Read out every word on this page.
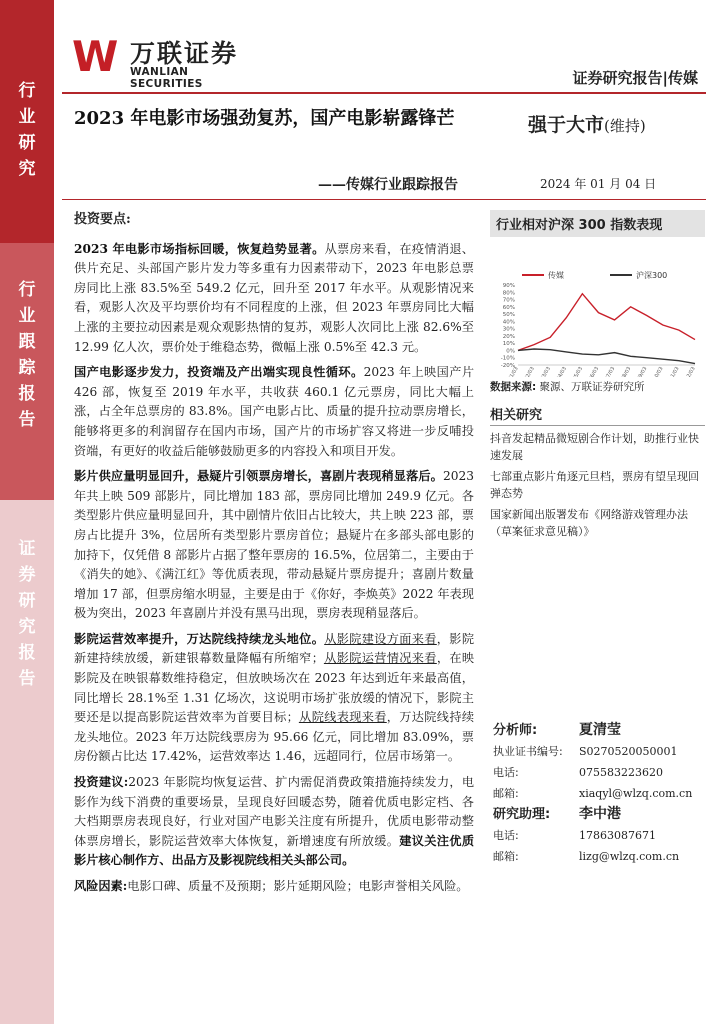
行业研究
行业跟踪报告
证券研究报告
W 万联证券
WANLIAN SECURITIES	证券研究报告|传媒
2023 年电影市场强劲复苏，国产电影崭露锋芒
——传媒行业跟踪报告
强于大市(维持)
2024 年 01 月 04 日
投资要点:

2023 年电影市场指标回暖，恢复趋势显著。从票房来看，在疫情消退、供片充足、头部国产影片发力等多重有力因素带动下，2023 年电影总票房同比上涨 83.5%至 549.2 亿元，回升至 2017 年水平。从观影情况来看，观影人次及平均票价均有不同程度的上涨，但 2023 年票房同比大幅上涨的主要拉动因素是观众观影热情的复苏，观影人次同比上涨 82.6%至 12.99 亿人次，票价处于维稳态势，微幅上涨 0.5%至 42.3 元。

国产电影逐步发力，投资端及产出端实现良性循环。2023 年上映国产片 426 部，恢复至 2019 年水平，共收获 460.1 亿元票房，同比大幅上涨，占全年总票房的 83.8%。国产电影占比、质量的提升拉动票房增长，能够将更多的利润留存在国内市场，国产片的市场扩容又将进一步反哺投资端，有更好的收益后能够鼓励更多的内容投入和项目开发。

影片供应量明显回升，悬疑片引领票房增长，喜剧片表现稍显落后。2023 年共上映 509 部影片，同比增加 183 部，票房同比增加 249.9 亿元。各类型影片供应量明显回升，其中剧情片依旧占比较大，共上映 223 部，票房占比提升 3%，位居所有类型影片票房首位；悬疑片在多部头部电影的加持下，仅凭借 8 部影片占据了整年票房的 16.5%，位居第二，主要由于《消失的她》、《满江红》等优质表现，带动悬疑片票房提升；喜剧片数量增加 17 部，但票房缩水明显，主要是由于《你好，李焕英》2022 年表现极为突出，2023 年喜剧片并没有黑马出现，票房表现稍显落后。

影院运营效率提升，万达院线持续龙头地位。从影院建设方面来看，影院新建持续放缓，新建银幕数量降幅有所缩窄；从影院运营情况来看，在映影院及在映银幕数维持稳定，但放映场次在 2023 年达到近年来最高值，同比增长 28.1%至 1.31 亿场次，这说明市场扩张放缓的情况下，影院主要还是以提高影院运营效率为首要目标；从院线表现来看，万达院线持续龙头地位。2023 年万达院线票房为 95.66 亿元，同比增加 83.09%，票房份额占比达 17.42%，运营效率达 1.46，远超同行，位居市场第一。

投资建议:2023 年影院均恢复运营、扩内需促消费政策措施持续发力，电影作为线下消费的重要场景，呈现良好回暖态势，随着优质电影定档、各大档期票房表现良好，行业对国产电影关注度有所提升，优质电影带动整体票房增长，影院运营效率大体恢复，新增速度有所放缓。建议关注优质影片核心制作方、出品方及影视院线相关头部公司。

风险因素:电影口碑、质量不及预期；影片延期风险；电影声誉相关风险。

行业相对沪深 300 指数表现
传媒	沪深300
-20%
-10%
0%
10%
20%
30%
40%
50%
60%
70%
80%
90%
数据来源: 聚源、万联证券研究所
相关研究
抖音发起精品微短剧合作计划，助推行业快速发展
七部重点影片角逐元旦档，票房有望呈现回弹态势
国家新闻出版署发布《网络游戏管理办法（草案征求意见稿）》
分析师:	夏清莹
执业证书编号:	S0270520050001
电话:	075583223620
邮箱:	xiaqyl@wlzq.com.cn
研究助理:	李中港
电话:	17863087671
邮箱:	lizg@wlzq.com.cn
